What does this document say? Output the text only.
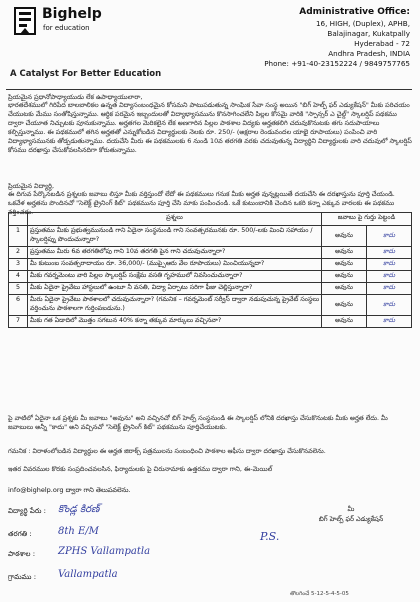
Bighelp
for education
A Catalyst For Better Education
Administrative Office:
16, HIGH, (Duplex), APHB,
Balajinagar, Kukatpally
Hyderabad - 72
Andhra Pradesh, INDIA
Phone: +91-40-23152224 / 9849757765
ప్రియమైన ప్రధానోపాధ్యాయుడు లేక ఉపాధ్యాయులారా,
భారతదేశములో గిరిపేద బాలబాలికల ఉన్నత విద్యాసంబంధమైన కోసమని పాటుపడుతున్న సాంఘిక సేవా సంస్థ అయిన "బిగ్ హెల్ప్ ఫర్ ఎడ్యుకేషన్" మీకు పరిచయం చేయుటకు మేము సంతోషిస్తున్నాము. ఆర్థిక పరమైన ఇబ్బందులతో విద్యాభ్యాసమును కొనసాగించలేని పిల్లల కోసమై వారికి "స్పాన్సర్ ఎ చైల్డ్" స్కాలర్షిప్ పథకము ద్వారా చేయూత నిచ్చుటకు పూనుకున్నాము. అర్హతగల మెరికలైన లేక అణగారిన పిల్లల పాఠశాల విద్యకు అర్హతకలిగి చదువుకొనుటకు తగు సదుపాయాలు కల్పిస్తున్నాము. ఈ పథకములో తగిన అర్హతతో ఎన్నుకోబడిన విద్యార్థులకు నెలకు రూ. 250/- (అక్షరాల రెండువందల యాభై రూపాయలు) పంపించి వారి విద్యాభ్యాసమునకు తోడ్పడుతున్నాము. దయచేసి మీరు ఈ పథకములకు 6 నుండి 10వ తరగతి వరకు చదువుతున్న విద్యార్థిని విద్యార్థులకు వారి చదువులో స్కాలర్షిప్ కోసము దరఖాస్తు చేసుకోవలసినదిగా కోరుతున్నాము.
ప్రియమైన విద్యార్థి,
ఈ దిగువ పేర్కొనబడిన ప్రశ్నలకు జవాబు లిస్తూ మీకు వర్తిస్తుందో లేదో ఈ పథకములు గనుక మీకు అర్హత వున్నట్లయితే దయచేసి ఈ దరఖాస్తును పూర్తి చేయండి. ఒకవేళ అర్హతను పొందినచో "సెలెక్ట్ ట్రైనింగ్ కిట్" పథకమును పూర్తి చేసి మాకు పంపించండి. ఒకే కుటుంబానికి చెందిన ఒకరి కన్నా ఎక్కువ వారలకు ఈ పథకము వర్తించదు.
	ప్రశ్నలు	జవాబు పై గుర్తు పెట్టండి	
1	ప్రస్తుతము మీకు ప్రభుత్వమునుండి గాని ఏదైనా సంస్థనుండి గాని సంవత్సరమునకు రూ. 500/-లకు మించి సహాయం / స్కాలర్షిప్ను పొందుచున్నారా?	అవును	కాదు
2	ప్రస్తుతము మీరు 6వ తరగతిలోపు గాని 10వ తరగతి పైన గాని చదువుచున్నారా?	అవును	కాదు
3	మీ కుటుంబ సంవత్సరాదాయం రూ. 36,000/- (ముప్పైఆరు వేల రూపాయలు) మించియున్నదా?	అవును	కాదు
4	మీకు గవర్నమెంటు వారి పిల్లల స్కాలర్షిప్ సంక్షేమ వసతి గృహములో నివసించుచున్నారా?	అవును	కాదు
5	మీకు ఏదైనా ప్రైవేటు హాస్టలులో ఉంటూ నీ వసతి, విద్యా ఏర్పాటు సరిగా ఫీజు చెల్లిస్తున్నారా?	అవును	కాదు
6	మీరు ఏదైనా ప్రైవేటు పాఠశాలలో చదువుచున్నారా? (గమనిక – గవర్నమెంట్ సర్వీస్ ద్వారా నడుపుచున్న ప్రైవేట్ సంస్థలు వర్తించును పాఠశాలగా గుర్తింపబడును.)	అవును	కాదు
7	మీకు గత ఏడాదిలో మొత్తం సగటున 40% కన్నా తక్కువ మార్కులు వచ్చినవా?	అవును	కాదు
పై వాటిలో ఏదైనా ఒక ప్రశ్నకు మీ జవాబు "అవును" అని వచ్చినచో బిగ్ హెల్ప్ సంస్థనుండి ఈ స్కాలర్షిప్ లోనికి దరఖాస్తు చేసుకొనుటకు మీకు అర్హత లేదు. మీ జవాబులు అన్నీ "కాదు" అని వచ్చినచో "సెలెక్ట్ ట్రైనింగ్ కిట్" పథకమును పూర్తిచేయుటకు.
గమనిక : విరాళంలోబడిన విద్యార్థుల ఈ అర్హత జిరాక్స్ పత్రములను సంబంధించి పాఠశాల ఆఫీసు ద్వారా దరఖాస్తు చేసుకొనవలెను.
ఇతర వివరముల కొరకు సంప్రదించవలసిన, ఫిర్యాదులకు పై చిరునామాకు ఉత్తరము ద్వారా గాని, ఈ-మెయిల్
info@bighelp.org ద్వారా గాని తెలుపవలెను.
విద్యార్థి పేరు : కొండ్ల కిరణ్
తరగతి :	8th E/M
పాఠశాల : ZPHS Vallampatla
గ్రామము : Vallampatla
P.S.
మీ
బిగ్ హెల్ప్ ఫర్ ఎడ్యుకేషన్
తొలగించే 5-12-5-4-5-05
